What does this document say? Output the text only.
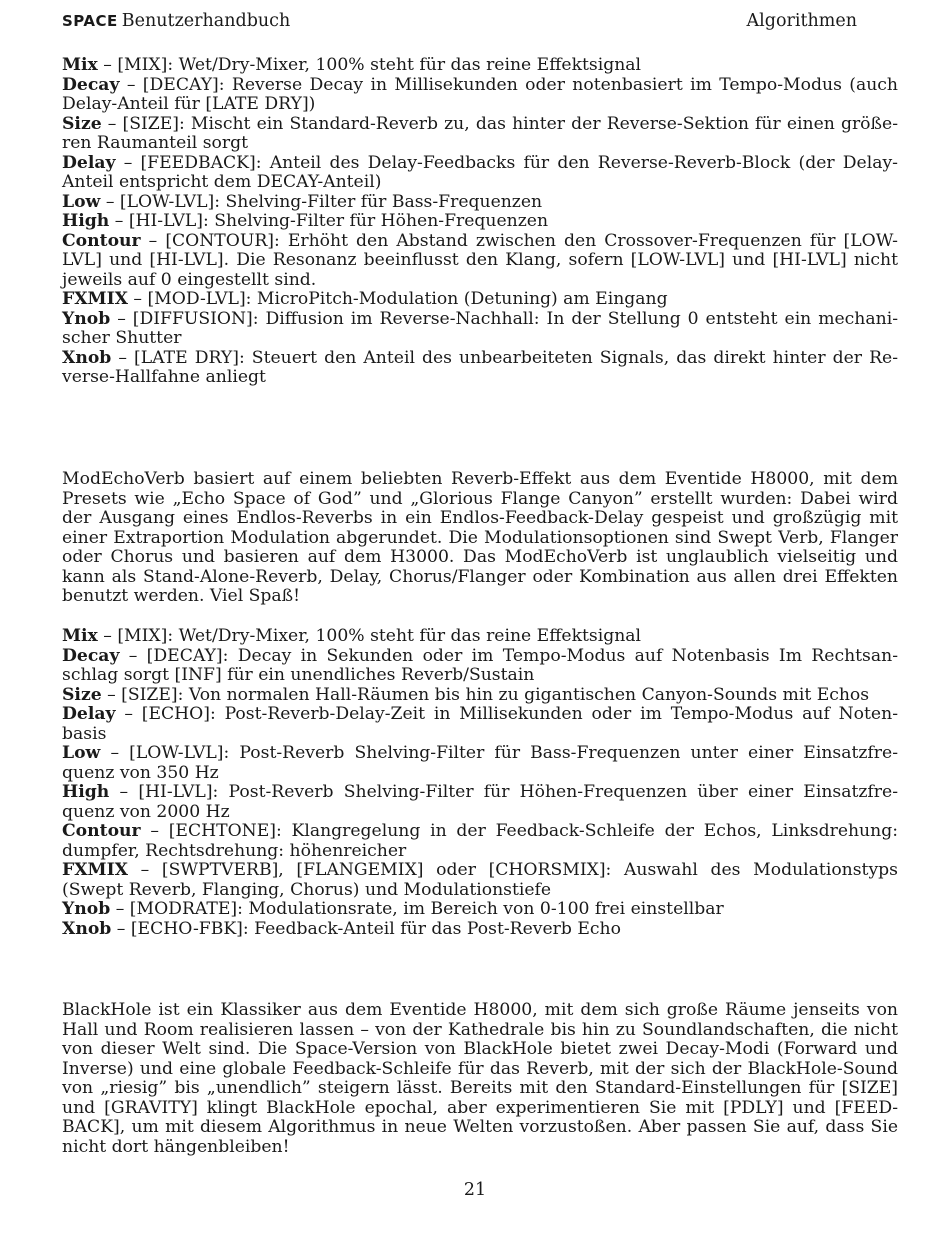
SPACE Benutzerhandbuch	Algorithmen

Mix – [MIX]: Wet/Dry-Mixer, 100% steht für das reine Effektsignal

Decay – [DECAY]: Reverse Decay in Millisekunden oder notenbasiert im Tempo-Modus (auch Delay-Anteil für [LATE DRY])

Size – [SIZE]: Mischt ein Standard-Reverb zu, das hinter der Reverse-Sektion für einen größeren Raumanteil sorgt

Delay – [FEEDBACK]: Anteil des Delay-Feedbacks für den Reverse-Reverb-Block (der Delay-Anteil entspricht dem DECAY-Anteil)

Low – [LOW-LVL]: Shelving-Filter für Bass-Frequenzen

High – [HI-LVL]: Shelving-Filter für Höhen-Frequenzen

Contour – [CONTOUR]: Erhöht den Abstand zwischen den Crossover-Frequenzen für [LOW-LVL] und [HI-LVL]. Die Resonanz beeinflusst den Klang, sofern [LOW-LVL] und [HI-LVL] nicht jeweils auf 0 eingestellt sind.

FXMIX – [MOD-LVL]: MicroPitch-Modulation (Detuning) am Eingang

Ynob – [DIFFUSION]: Diffusion im Reverse-Nachhall: In der Stellung 0 entsteht ein mechanischer Shutter

Xnob – [LATE DRY]: Steuert den Anteil des unbearbeiteten Signals, das direkt hinter der Reverse-Hallfahne anliegt

ModEchoVerb basiert auf einem beliebten Reverb-Effekt aus dem Eventide H8000, mit dem Presets wie „Echo Space of God” und „Glorious Flange Canyon” erstellt wurden: Dabei wird der Ausgang eines Endlos-Reverbs in ein Endlos-Feedback-Delay gespeist und großzügig mit einer Extraportion Modulation abgerundet. Die Modulationsoptionen sind Swept Verb, Flanger oder Chorus und basieren auf dem H3000. Das ModEchoVerb ist unglaublich vielseitig und kann als Stand-Alone-Reverb, Delay, Chorus/Flanger oder Kombination aus allen drei Effekten benutzt werden. Viel Spaß!

Mix – [MIX]: Wet/Dry-Mixer, 100% steht für das reine Effektsignal

Decay – [DECAY]: Decay in Sekunden oder im Tempo-Modus auf Notenbasis Im Rechtsanschlag sorgt [INF] für ein unendliches Reverb/Sustain

Size – [SIZE]: Von normalen Hall-Räumen bis hin zu gigantischen Canyon-Sounds mit Echos

Delay – [ECHO]: Post-Reverb-Delay-Zeit in Millisekunden oder im Tempo-Modus auf Notenbasis

Low – [LOW-LVL]: Post-Reverb Shelving-Filter für Bass-Frequenzen unter einer Einsatzfrequenz von 350 Hz

High – [HI-LVL]: Post-Reverb Shelving-Filter für Höhen-Frequenzen über einer Einsatzfrequenz von 2000 Hz

Contour – [ECHTONE]: Klangregelung in der Feedback-Schleife der Echos, Linksdrehung: dumpfer, Rechtsdrehung: höhenreicher

FXMIX – [SWPTVERB], [FLANGEMIX] oder [CHORSMIX]: Auswahl des Modulationstyps (Swept Reverb, Flanging, Chorus) und Modulationstiefe

Ynob – [MODRATE]: Modulationsrate, im Bereich von 0-100 frei einstellbar

Xnob – [ECHO-FBK]: Feedback-Anteil für das Post-Reverb Echo

BlackHole ist ein Klassiker aus dem Eventide H8000, mit dem sich große Räume jenseits von Hall und Room realisieren lassen – von der Kathedrale bis hin zu Soundlandschaften, die nicht von dieser Welt sind. Die Space-Version von BlackHole bietet zwei Decay-Modi (Forward und Inverse) und eine globale Feedback-Schleife für das Reverb, mit der sich der BlackHole-Sound von „riesig” bis „unendlich” steigern lässt. Bereits mit den Standard-Einstellungen für [SIZE] und [GRAVITY] klingt BlackHole epochal, aber experimentieren Sie mit [PDLY] und [FEEDBACK], um mit diesem Algorithmus in neue Welten vorzustoßen. Aber passen Sie auf, dass Sie nicht dort hängenbleiben!

21
